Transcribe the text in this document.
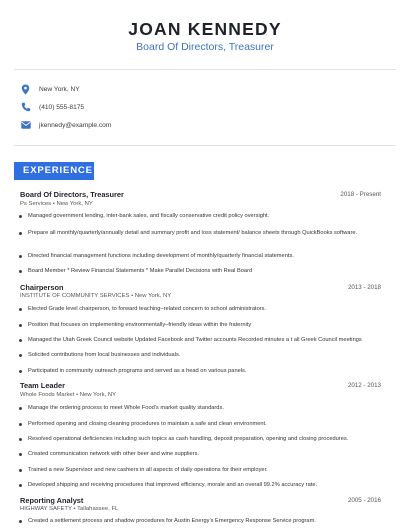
JOAN KENNEDY
Board Of Directors, Treasurer
New York, NY
(410) 555-8175
jkennedy@example.com
EXPERIENCE
Board Of Directors, Treasurer	2018 - Present
Ps Services • New York, NY
Managed government lending, inter-bank sales, and fiscally conservative credit policy oversight.
Prepare all monthly/quarterly/annually detail and summary profit and loss statement/ balance sheets through QuickBooks software.
Directed financial management functions including development of monthly/quarterly financial statements.
Board Member * Review Financial Statements * Make Parallel Decisions with Real Board
Chairperson	2013 - 2018
INSTITUTE OF COMMUNITY SERVICES • New York, NY
Elected Grade level chairperson, to forward teaching–related concern to school administrators.
Position that focuses on implementing environmentally–friendly ideas within the fraternity
Managed the Utah Greek Council website Updated Facebook and Twitter accounts Recorded minutes a t all Greek Council meetings
Solicited contributions from local businesses and individuals.
Participated in community outreach programs and served as a head on various panels.
Team Leader	2012 - 2013
Whole Foods Market • New York, NY
Manage the ordering process to meet Whole Food’s market quality standards.
Performed opening and closing cleaning procedures to maintain a safe and clean environment.
Resolved operational deficiencies including such topics as cash handling, deposit preparation, opening and closing procedures.
Created communication network with other beer and wine suppliers.
Trained a new Supervisor and new cashiers in all aspects of daily operations for their employer.
Developed shipping and receiving procedures that improved efficiency, morale and an overall 99.2% accuracy rate.
Reporting Analyst	2005 - 2016
HIGHWAY SAFETY • Tallahassee, FL
Created a settlement process and shadow procedures for Austin Energy’s Emergency Response Service program.
